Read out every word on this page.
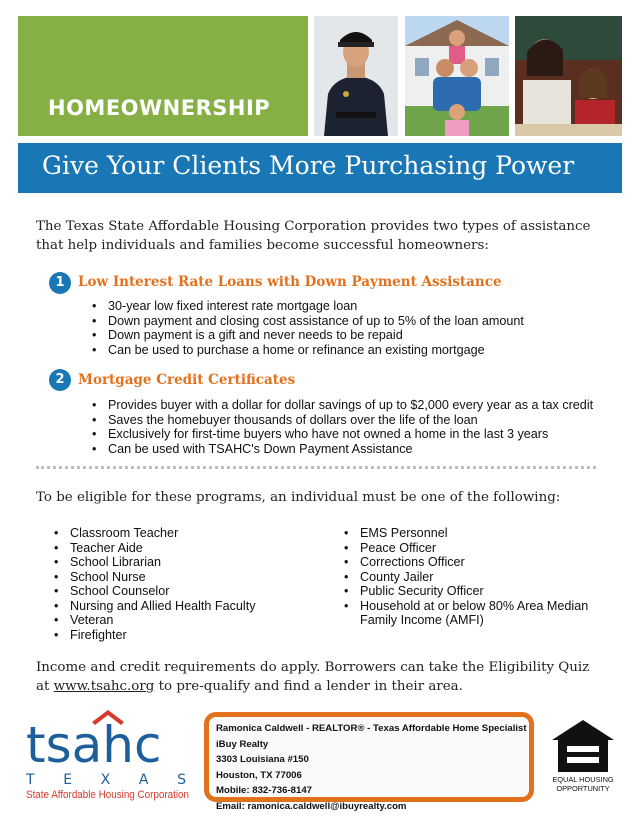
HOMEOWNERSHIP
Give Your Clients More Purchasing Power
The Texas State Affordable Housing Corporation provides two types of assistance that help individuals and families become successful homeowners:
1 Low Interest Rate Loans with Down Payment Assistance
• 30-year low fixed interest rate mortgage loan
• Down payment and closing cost assistance of up to 5% of the loan amount
• Down payment is a gift and never needs to be repaid
• Can be used to purchase a home or refinance an existing mortgage
2 Mortgage Credit Certificates
• Provides buyer with a dollar for dollar savings of up to $2,000 every year as a tax credit
• Saves the homebuyer thousands of dollars over the life of the loan
• Exclusively for first-time buyers who have not owned a home in the last 3 years
• Can be used with TSAHC's Down Payment Assistance
To be eligible for these programs, an individual must be one of the following:
• Classroom Teacher
• Teacher Aide
• School Librarian
• School Nurse
• School Counselor
• Nursing and Allied Health Faculty
• Veteran
• Firefighter
• EMS Personnel
• Peace Officer
• Corrections Officer
• County Jailer
• Public Security Officer
• Household at or below 80% Area Median Family Income (AMFI)
Income and credit requirements do apply. Borrowers can take the Eligibility Quiz at www.tsahc.org to pre-qualify and find a lender in their area.
tsahc
T E X A S
State Affordable Housing Corporation
Ramonica Caldwell - REALTOR® - Texas Affordable Home Specialist
iBuy Realty
3303 Louisiana #150
Houston, TX 77006
Mobile: 832-736-8147
Email: ramonica.caldwell@ibuyrealty.com
EQUAL HOUSING
OPPORTUNITY
